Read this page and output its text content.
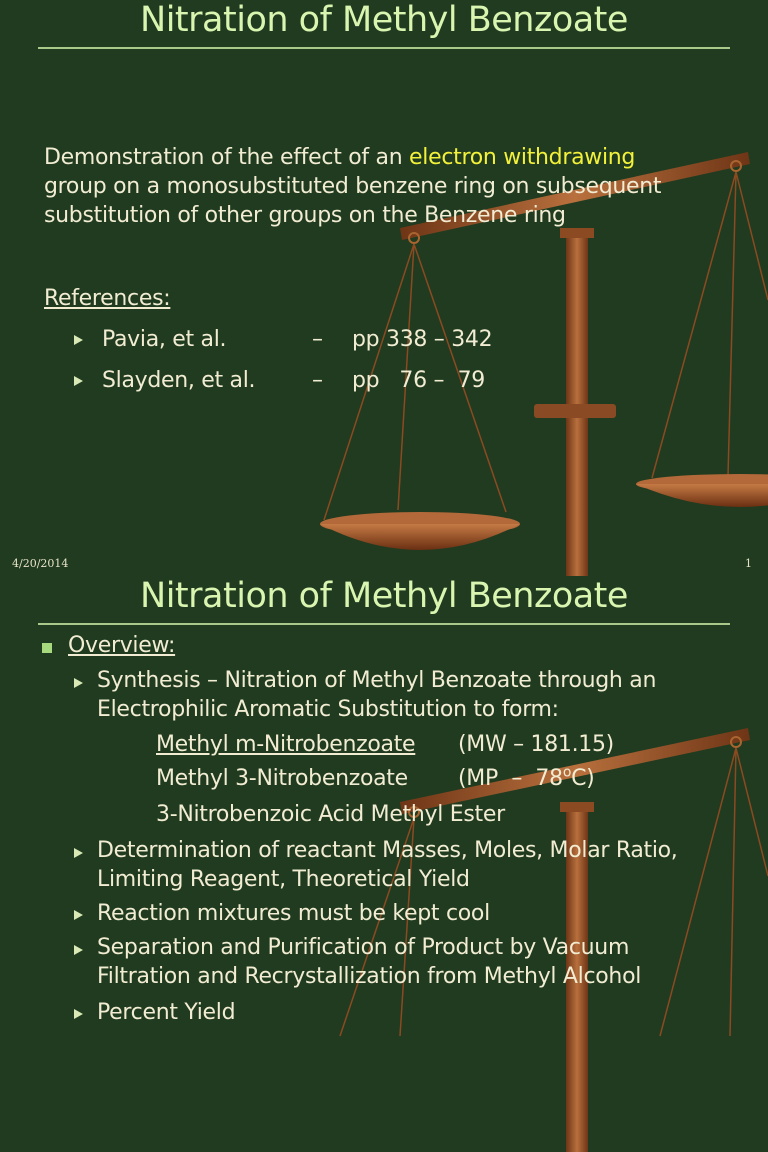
Nitration of Methyl Benzoate
Demonstration of the effect of an electron withdrawing
group on a monosubstituted benzene ring on subsequent
substitution of other groups on the Benzene ring
References:
Pavia, et al.	– pp 338 – 342
Slayden, et al.	– pp   76 –  79
4/20/2014	1
Nitration of Methyl Benzoate
Overview:
Synthesis – Nitration of Methyl Benzoate through an
Electrophilic Aromatic Substitution to form:
Methyl m-Nitrobenzoate (MW – 181.15)
Methyl 3-Nitrobenzoate (MP  –  78$^o$C)
3-Nitrobenzoic Acid Methyl Ester
Determination of reactant Masses, Moles, Molar Ratio,
Limiting Reagent, Theoretical Yield
Reaction mixtures must be kept cool
Separation and Purification of Product by Vacuum
Filtration and Recrystallization from Methyl Alcohol
Percent Yield
